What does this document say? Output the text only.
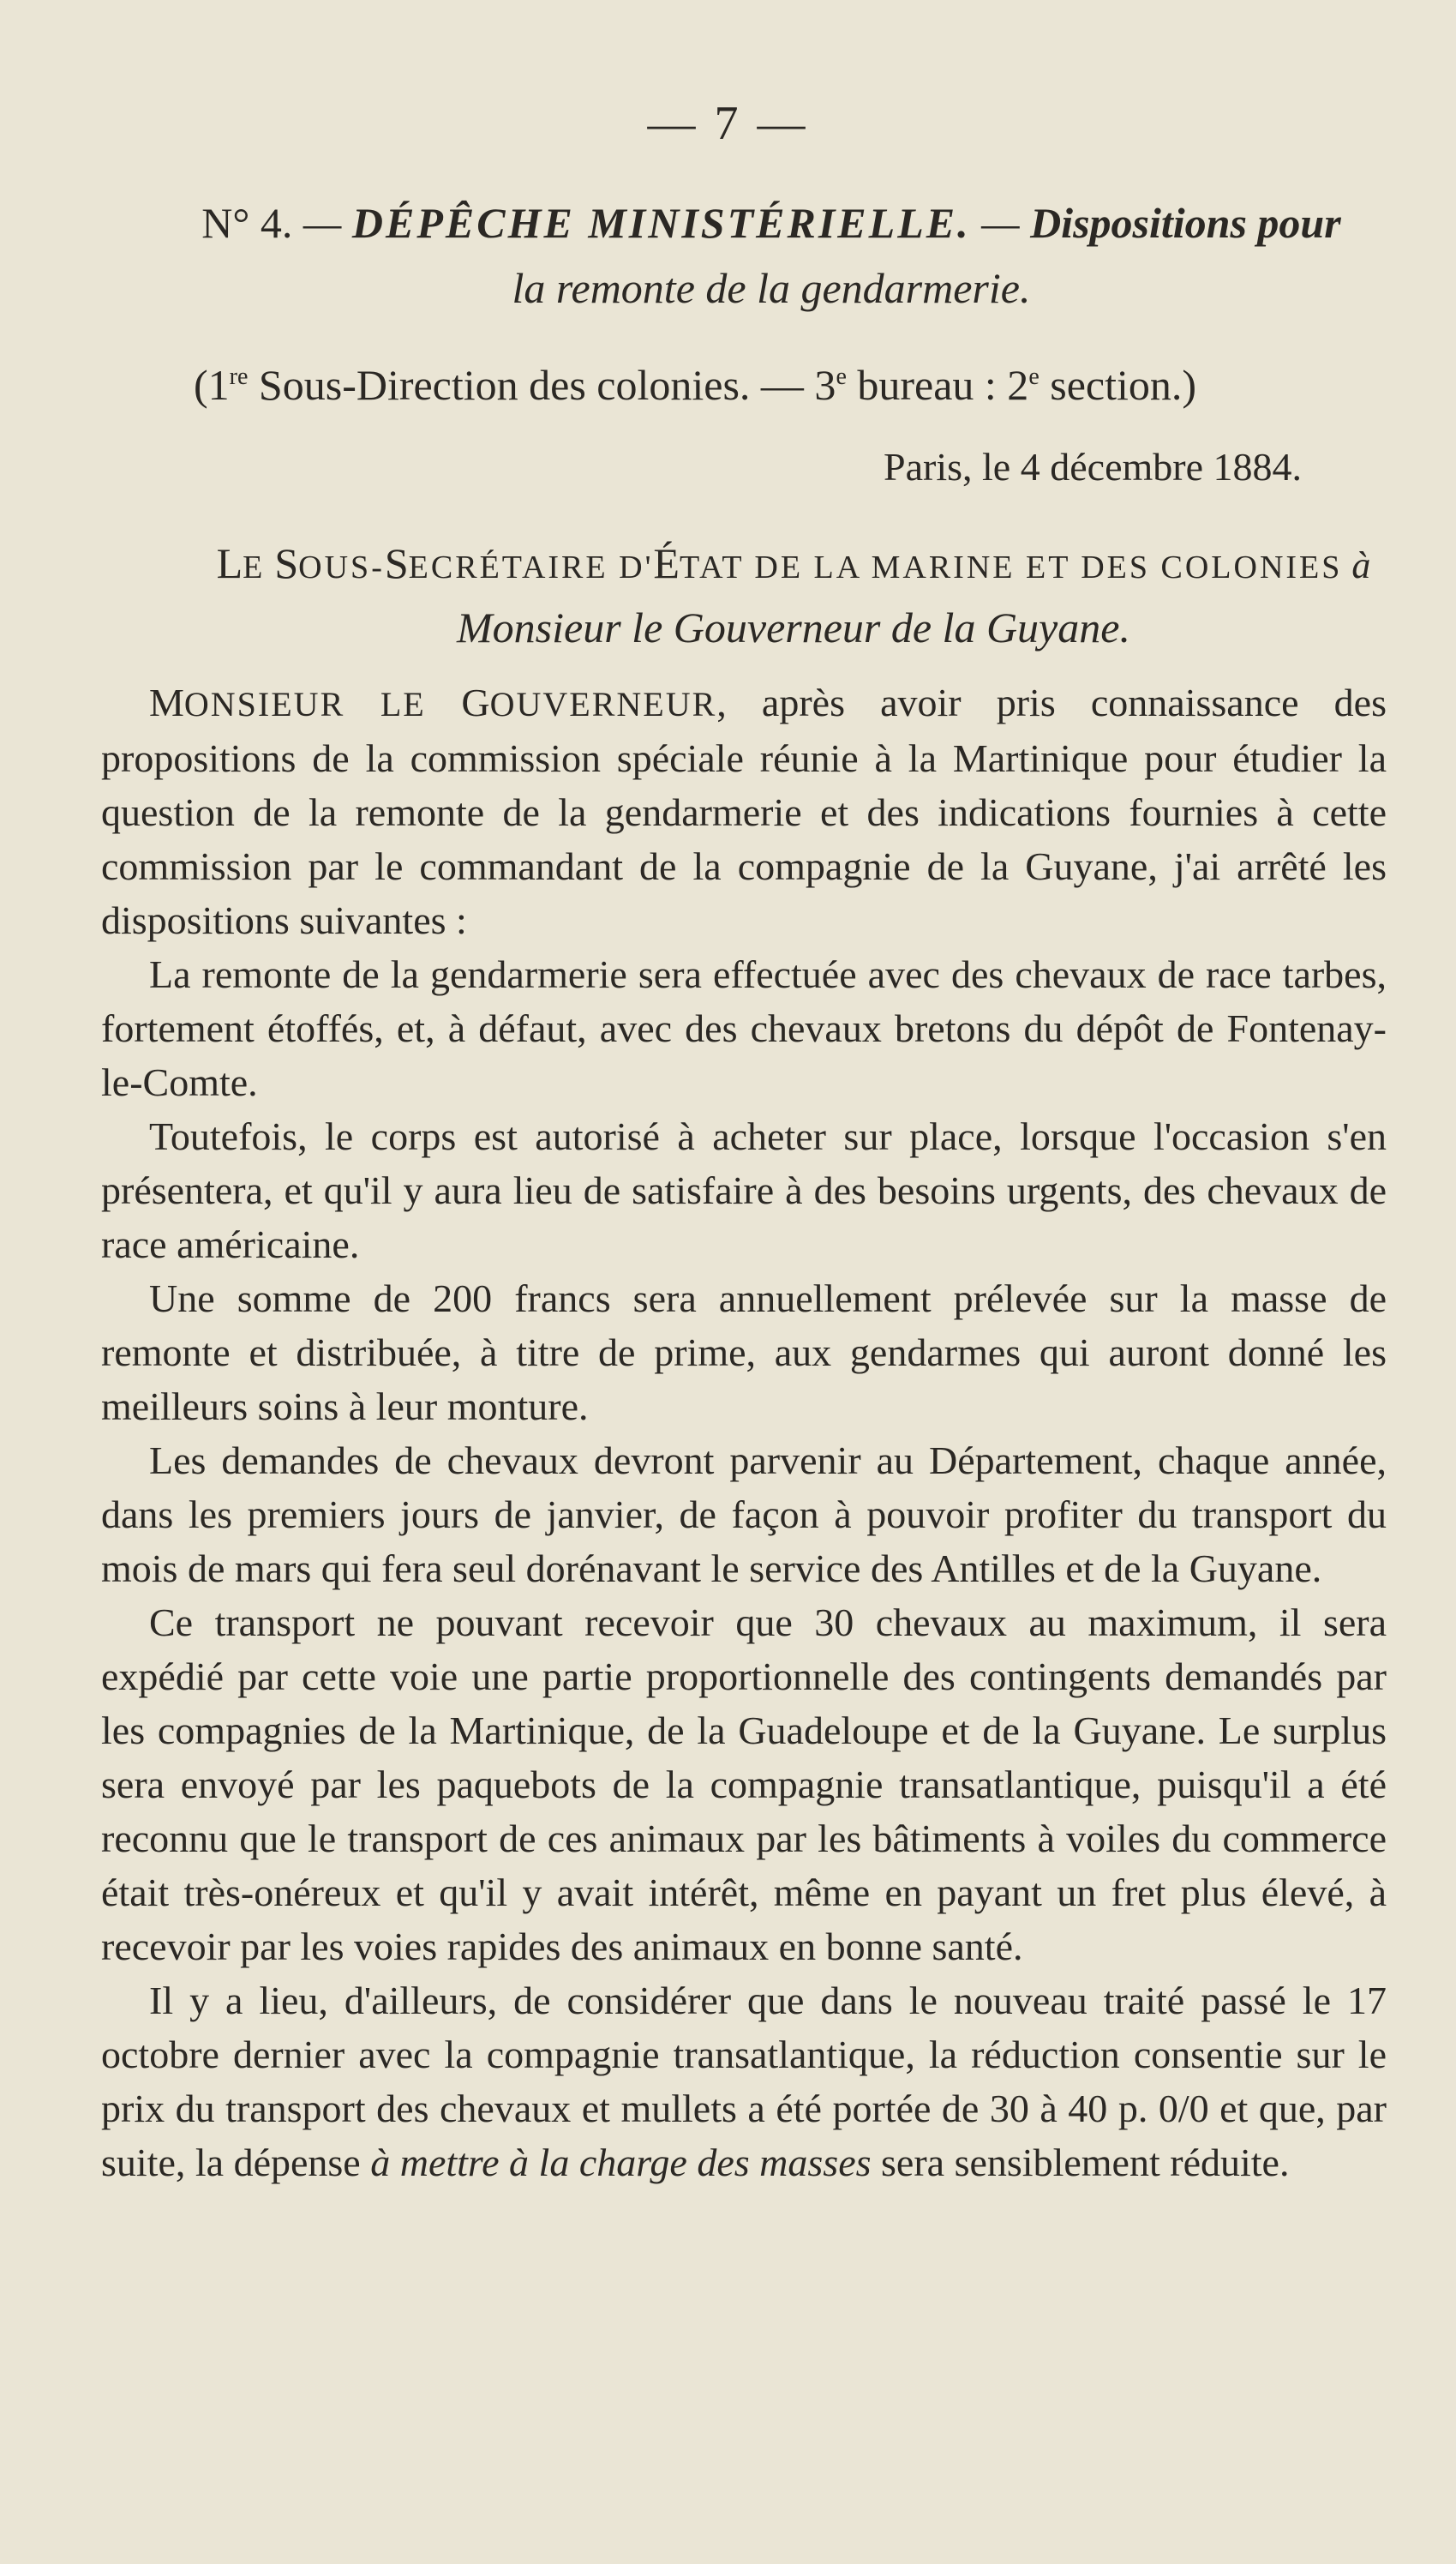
— 7 —
N° 4. — DÉPÊCHE MINISTÉRIELLE. — Dispositions pour
la remonte de la gendarmerie.
(1re Sous-Direction des colonies. — 3e bureau : 2e section.)
Paris, le 4 décembre 1884.
LE SOUS-SECRÉTAIRE D'ÉTAT DE LA MARINE ET DES COLONIES à
Monsieur le Gouverneur de la Guyane.

MONSIEUR LE GOUVERNEUR, après avoir pris connaissance des propositions de la commission spéciale réunie à la Martinique pour étudier la question de la remonte de la gendarmerie et des indications fournies à cette commission par le commandant de la compagnie de la Guyane, j'ai arrêté les dispositions suivantes :

La remonte de la gendarmerie sera effectuée avec des chevaux de race tarbes, fortement étoffés, et, à défaut, avec des chevaux bretons du dépôt de Fontenay-le-Comte.

Toutefois, le corps est autorisé à acheter sur place, lorsque l'occasion s'en présentera, et qu'il y aura lieu de satisfaire à des besoins urgents, des chevaux de race américaine.

Une somme de 200 francs sera annuellement prélevée sur la masse de remonte et distribuée, à titre de prime, aux gendarmes qui auront donné les meilleurs soins à leur monture.

Les demandes de chevaux devront parvenir au Département, chaque année, dans les premiers jours de janvier, de façon à pouvoir profiter du transport du mois de mars qui fera seul dorénavant le service des Antilles et de la Guyane.

Ce transport ne pouvant recevoir que 30 chevaux au maximum, il sera expédié par cette voie une partie proportionnelle des contingents demandés par les compagnies de la Martinique, de la Guadeloupe et de la Guyane. Le surplus sera envoyé par les paquebots de la compagnie transatlantique, puisqu'il a été reconnu que le transport de ces animaux par les bâtiments à voiles du commerce était très-onéreux et qu'il y avait intérêt, même en payant un fret plus élevé, à recevoir par les voies rapides des animaux en bonne santé.

Il y a lieu, d'ailleurs, de considérer que dans le nouveau traité passé le 17 octobre dernier avec la compagnie transatlantique, la réduction consentie sur le prix du transport des chevaux et mullets a été portée de 30 à 40 p. 0/0 et que, par suite, la dépense à mettre à la charge des masses sera sensiblement réduite.
